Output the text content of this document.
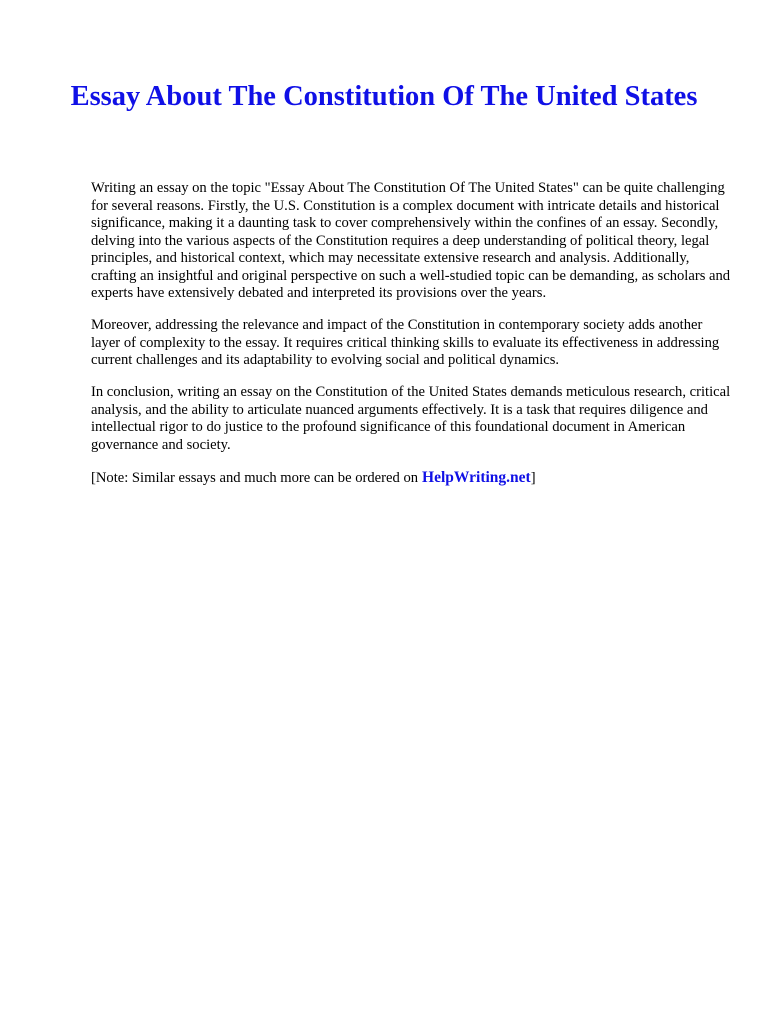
Essay About The Constitution Of The United States

Writing an essay on the topic "Essay About The Constitution Of The United States" can be quite challenging for several reasons. Firstly, the U.S. Constitution is a complex document with intricate details and historical significance, making it a daunting task to cover comprehensively within the confines of an essay. Secondly, delving into the various aspects of the Constitution requires a deep understanding of political theory, legal principles, and historical context, which may necessitate extensive research and analysis. Additionally, crafting an insightful and original perspective on such a well-studied topic can be demanding, as scholars and experts have extensively debated and interpreted its provisions over the years.

Moreover, addressing the relevance and impact of the Constitution in contemporary society adds another layer of complexity to the essay. It requires critical thinking skills to evaluate its effectiveness in addressing current challenges and its adaptability to evolving social and political dynamics.

In conclusion, writing an essay on the Constitution of the United States demands meticulous research, critical analysis, and the ability to articulate nuanced arguments effectively. It is a task that requires diligence and intellectual rigor to do justice to the profound significance of this foundational document in American governance and society.

[Note: Similar essays and much more can be ordered on HelpWriting.net]
